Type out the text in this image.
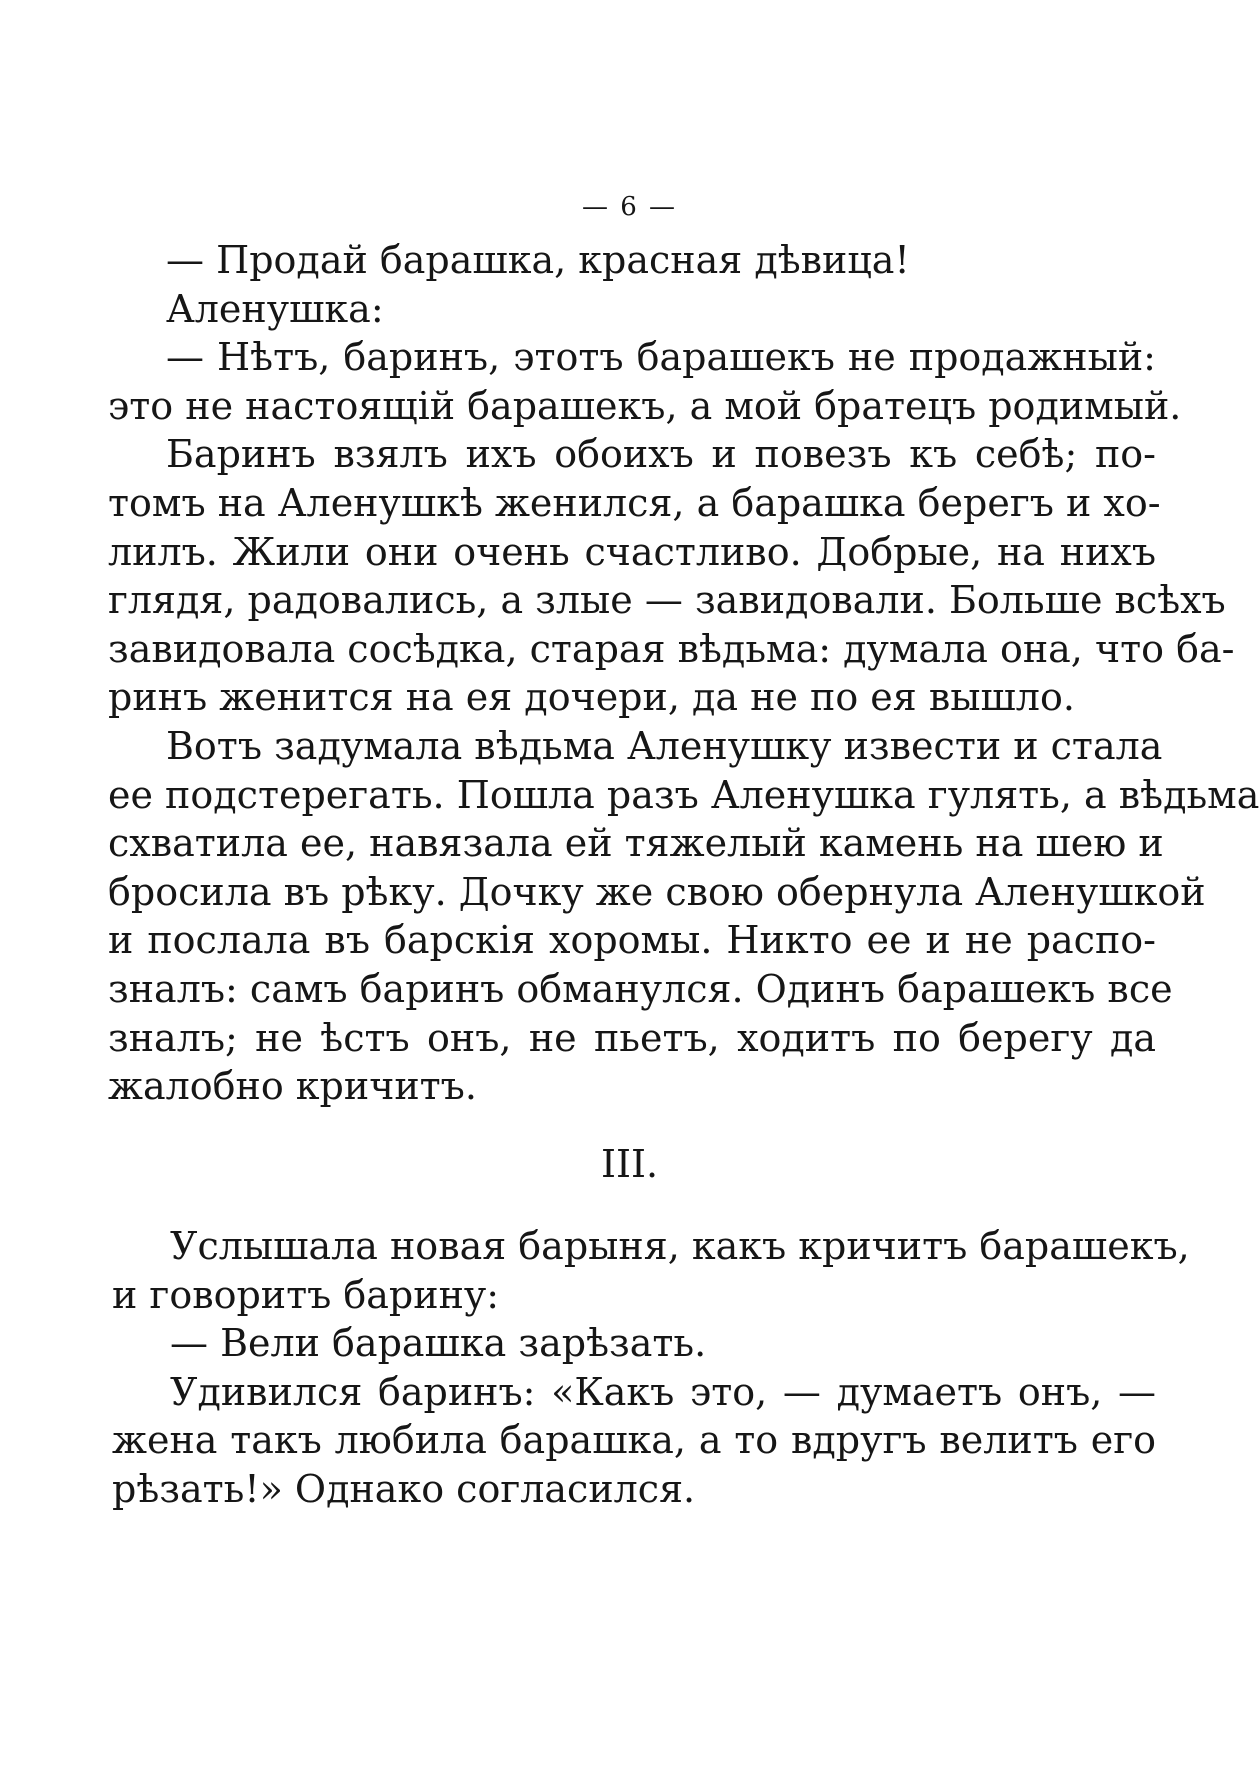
— 6 —
— Продай барашка, красная дѣвица!
Аленушка:
— Нѣтъ, баринъ, этотъ барашекъ не продажный:
это не настоящій барашекъ, а мой братецъ родимый.
Баринъ взялъ ихъ обоихъ и повезъ къ себѣ; по-
томъ на Аленушкѣ женился, а барашка берегъ и хо-
лилъ. Жили они очень счастливо. Добрые, на нихъ
глядя, радовались, а злые — завидовали. Больше всѣхъ
завидовала сосѣдка, старая вѣдьма: думала она, что ба-
ринъ женится на ея дочери, да не по ея вышло.
Вотъ задумала вѣдьма Аленушку извести и стала
ее подстерегать. Пошла разъ Аленушка гулять, а вѣдьма
схватила ее, навязала ей тяжелый камень на шею и
бросила въ рѣку. Дочку же свою обернула Аленушкой
и послала въ барскія хоромы. Никто ее и не распо-
зналъ: самъ баринъ обманулся. Одинъ барашекъ все
зналъ; не ѣстъ онъ, не пьетъ, ходитъ по берегу да
жалобно кричитъ.
III.
Услышала новая барыня, какъ кричитъ барашекъ,
и говоритъ барину:
— Вели барашка зарѣзать.
Удивился баринъ: «Какъ это, — думаетъ онъ, —
жена такъ любила барашка, а то вдругъ велитъ его
рѣзать!» Однако согласился.
